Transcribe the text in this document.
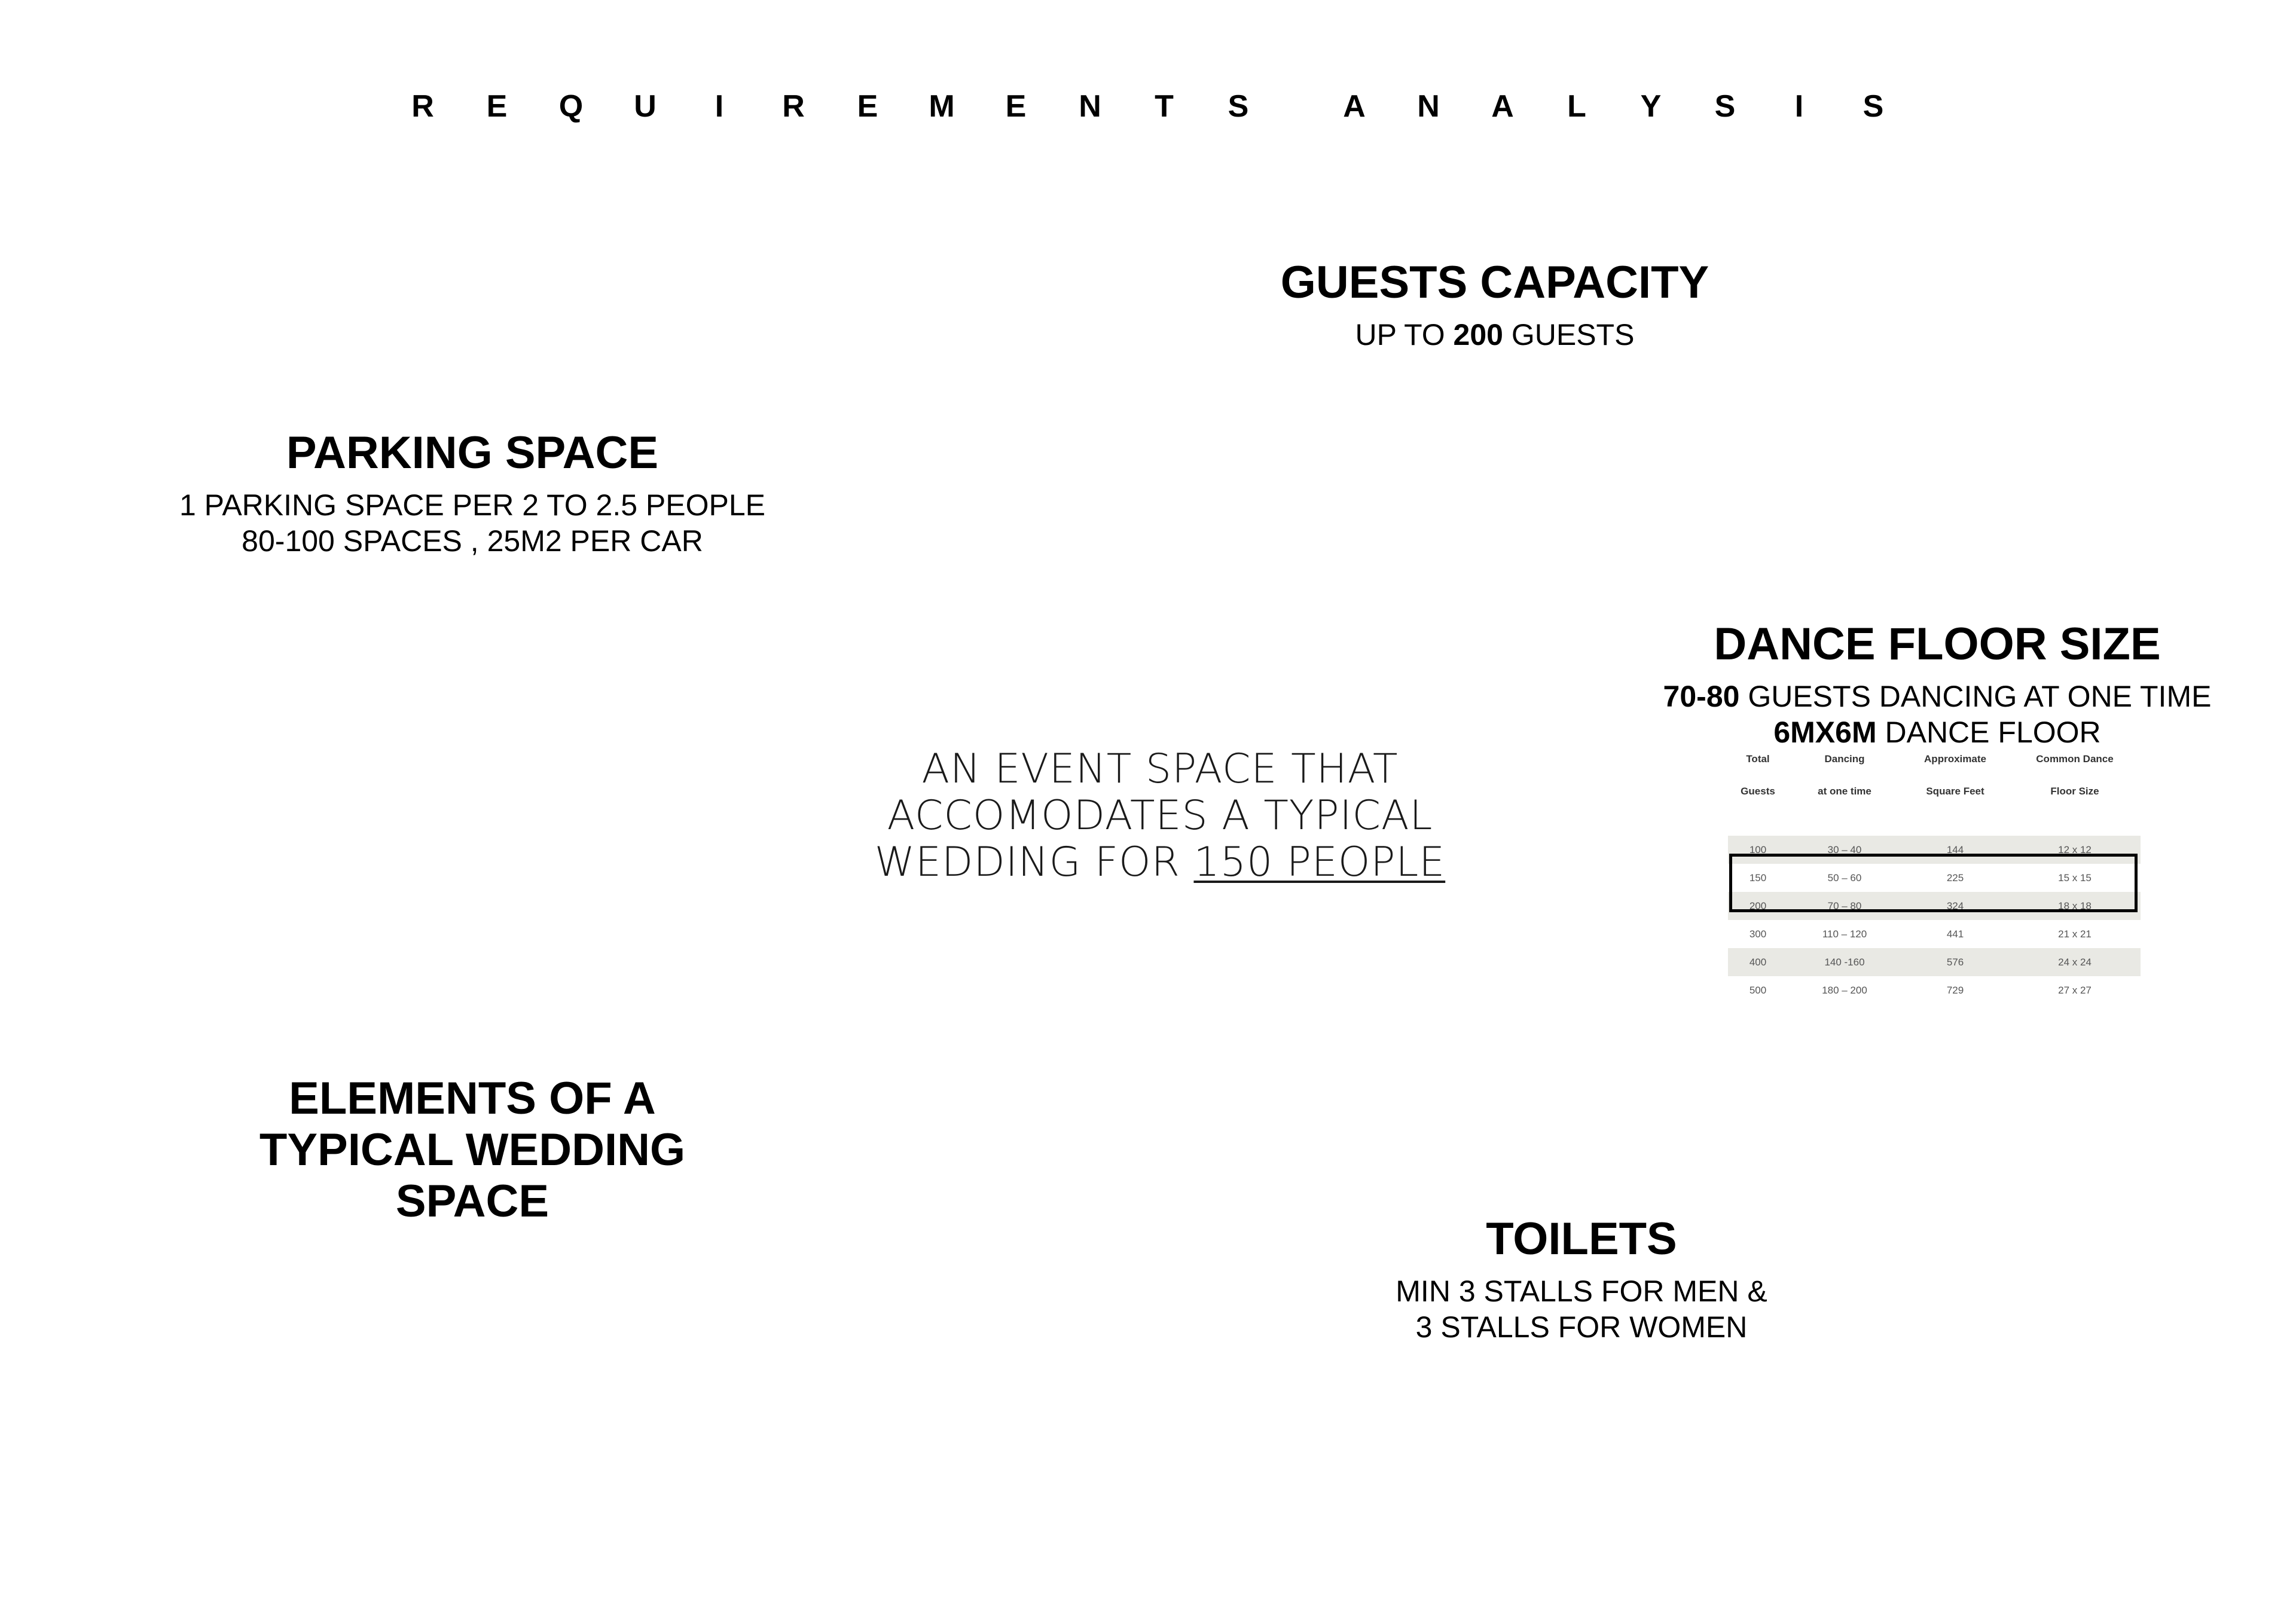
R E Q U I R E M E N T S	A N A L Y S I S
GUESTS CAPACITY
UP TO 200 GUESTS
PARKING SPACE
1 PARKING SPACE PER 2 TO 2.5 PEOPLE
80-100 SPACES , 25M2 PER CAR
DANCE FLOOR SIZE
70-80 GUESTS DANCING AT ONE TIME
6MX6M DANCE FLOOR
Total	Dancing	Approximate	Common Dance
Guests	at one time	Square Feet	Floor Size
100	30 – 40	144	12 x 12
150	50 – 60	225	15 x 15
200	70 – 80	324	18 x 18
300	110 – 120	441	21 x 21
400	140 -160	576	24 x 24
500	180 – 200	729	27 x 27
AN EVENT SPACE THAT
ACCOMODATES A TYPICAL
WEDDING FOR 150 PEOPLE
ELEMENTS OF A
TYPICAL WEDDING
SPACE
TOILETS
MIN 3 STALLS FOR MEN &
3 STALLS FOR WOMEN
